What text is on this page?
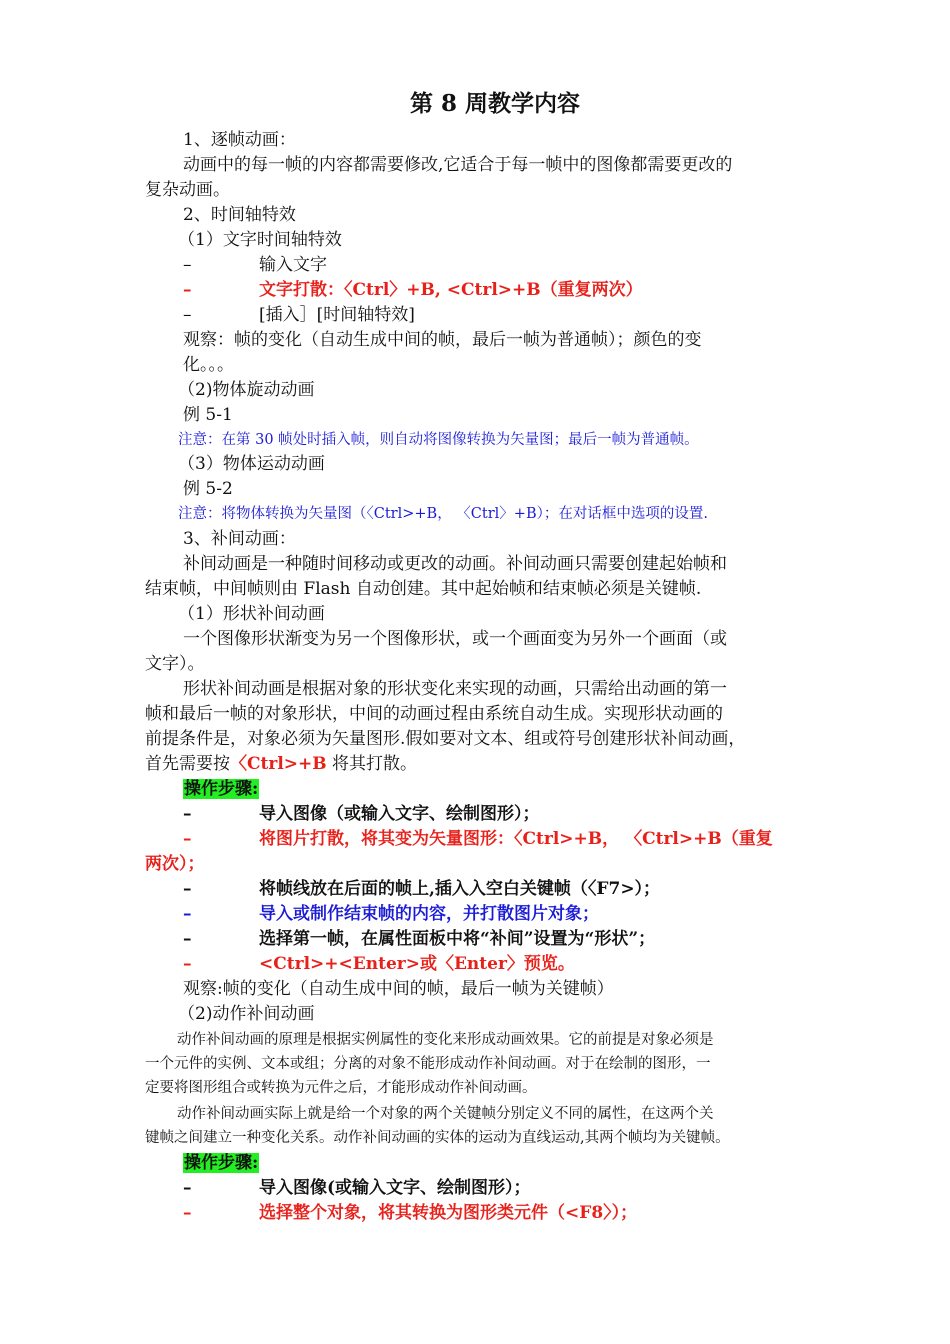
第 8 周教学内容
1、逐帧动画：
动画中的每一帧的内容都需要修改,它适合于每一帧中的图像都需要更改的
复杂动画。
2、时间轴特效
（1）文字时间轴特效
–	输入文字
–	文字打散：〈Ctrl〉+B, <Ctrl>+B（重复两次）
–	[插入］[时间轴特效]
观察：帧的变化（自动生成中间的帧，最后一帧为普通帧）；颜色的变
化。。。
（2)物体旋动动画
例 5-1
注意：在第 30 帧处时插入帧，则自动将图像转换为矢量图；最后一帧为普通帧。
（3）物体运动动画
例 5-2
注意：将物体转换为矢量图（〈Ctrl>+B， 〈Ctrl〉+B）；在对话框中选项的设置.
3、补间动画：
补间动画是一种随时间移动或更改的动画。补间动画只需要创建起始帧和
结束帧，中间帧则由 Flash 自动创建。其中起始帧和结束帧必须是关键帧.
（1）形状补间动画
一个图像形状渐变为另一个图像形状，或一个画面变为另外一个画面（或
文字）。
形状补间动画是根据对象的形状变化来实现的动画，只需给出动画的第一
帧和最后一帧的对象形状，中间的动画过程由系统自动生成。实现形状动画的
前提条件是，对象必须为矢量图形.假如要对文本、组或符号创建形状补间动画，
首先需要按〈Ctrl>+B 将其打散。
操作步骤:
–	导入图像（或输入文字、绘制图形）；
–	将图片打散，将其变为矢量图形：〈Ctrl>+B， 〈Ctrl>+B（重复
两次）；
–	将帧线放在后面的帧上,插入入空白关键帧（〈F7>）；
–	导入或制作结束帧的内容，并打散图片对象；
–	选择第一帧，在属性面板中将“补间”设置为“形状”；
–	<Ctrl>+<Enter>或〈Enter〉预览。
观察:帧的变化（自动生成中间的帧，最后一帧为关键帧）
（2)动作补间动画
动作补间动画的原理是根据实例属性的变化来形成动画效果。它的前提是对象必须是
一个元件的实例、文本或组；分离的对象不能形成动作补间动画。对于在绘制的图形，一
定要将图形组合或转换为元件之后，才能形成动作补间动画。
动作补间动画实际上就是给一个对象的两个关键帧分别定义不同的属性，在这两个关
键帧之间建立一种变化关系。动作补间动画的实体的运动为直线运动,其两个帧均为关键帧。
操作步骤:
–	导入图像(或输入文字、绘制图形）；
–	选择整个对象，将其转换为图形类元件（<F8〉）；
